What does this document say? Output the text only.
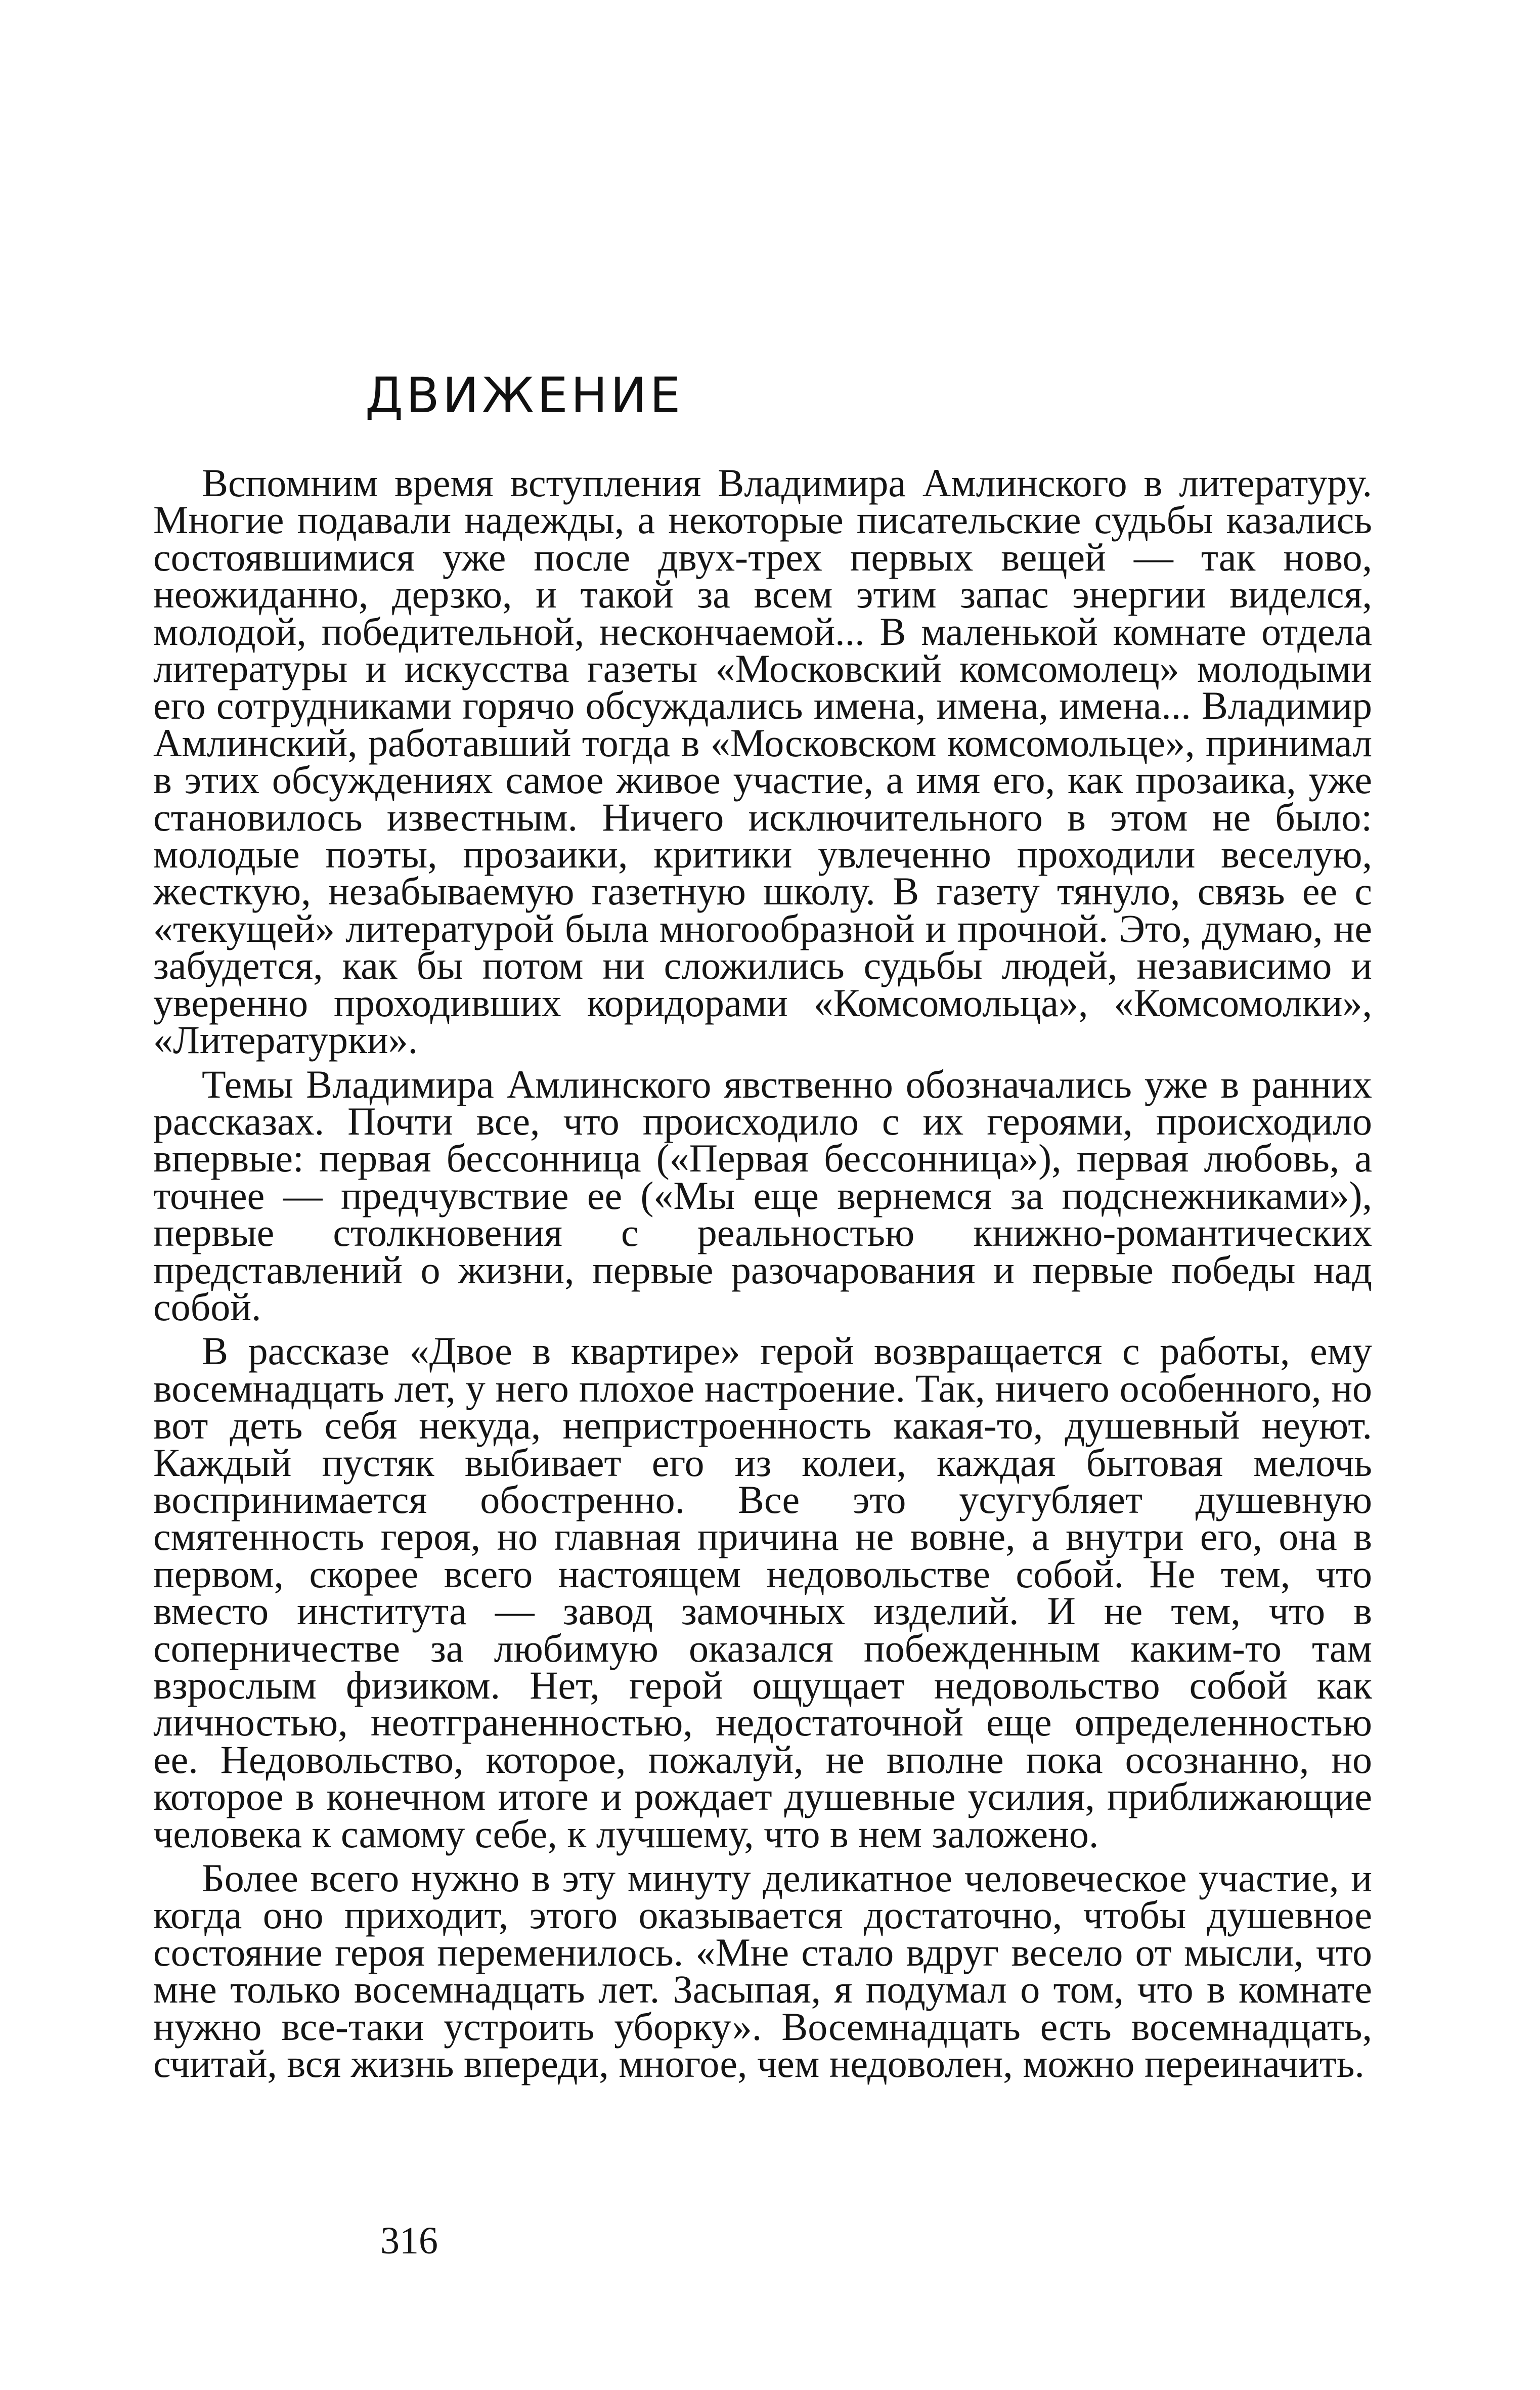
ДВИЖЕНИЕ

Вспомним время вступления Владимира Амлинского в литературу. Многие подавали надежды, а некоторые писательские судьбы казались состоявшимися уже после двух-трех первых вещей — так ново, неожиданно, дерзко, и такой за всем этим запас энергии виделся, молодой, победительной, нескончаемой... В маленькой комнате отдела литературы и искусства газеты «Московский комсомолец» молодыми его сотрудниками горячо обсуждались имена, имена, имена... Владимир Амлинский, работавший тогда в «Московском комсомольце», принимал в этих обсуждениях самое живое участие, а имя его, как прозаика, уже становилось известным. Ничего исключительного в этом не было: молодые поэты, прозаики, критики увлеченно проходили веселую, жесткую, незабываемую газетную школу. В газету тянуло, связь ее с «текущей» литературой была многообразной и прочной. Это, думаю, не забудется, как бы потом ни сложились судьбы людей, независимо и уверенно проходивших коридорами «Комсомольца», «Комсомолки», «Литературки».

Темы Владимира Амлинского явственно обозначались уже в ранних рассказах. Почти все, что происходило с их героями, происходило впервые: первая бессонница («Первая бессонница»), первая любовь, а точнее — предчувствие ее («Мы еще вернемся за подснежниками»), первые столкновения с реальностью книжно-романтических представлений о жизни, первые разочарования и первые победы над собой.

В рассказе «Двое в квартире» герой возвращается с работы, ему восемнадцать лет, у него плохое настроение. Так, ничего особенного, но вот деть себя некуда, непристроенность какая-то, душевный неуют. Каждый пустяк выбивает его из колеи, каждая бытовая мелочь воспринимается обостренно. Все это усугубляет душевную смятенность героя, но главная причина не вовне, а внутри его, она в первом, скорее всего настоящем недовольстве собой. Не тем, что вместо института — завод замочных изделий. И не тем, что в соперничестве за любимую оказался побежденным каким-то там взрослым физиком. Нет, герой ощущает недовольство собой как личностью, неотграненностью, недостаточной еще определенностью ее. Недовольство, которое, пожалуй, не вполне пока осознанно, но которое в конечном итоге и рождает душевные усилия, приближающие человека к самому себе, к лучшему, что в нем заложено.

Более всего нужно в эту минуту деликатное человеческое участие, и когда оно приходит, этого оказывается достаточно, чтобы душевное состояние героя переменилось. «Мне стало вдруг весело от мысли, что мне только восемнадцать лет. Засыпая, я подумал о том, что в комнате нужно все-таки устроить уборку». Восемнадцать есть восемнадцать, считай, вся жизнь впереди, многое, чем недоволен, можно переиначить.

316
